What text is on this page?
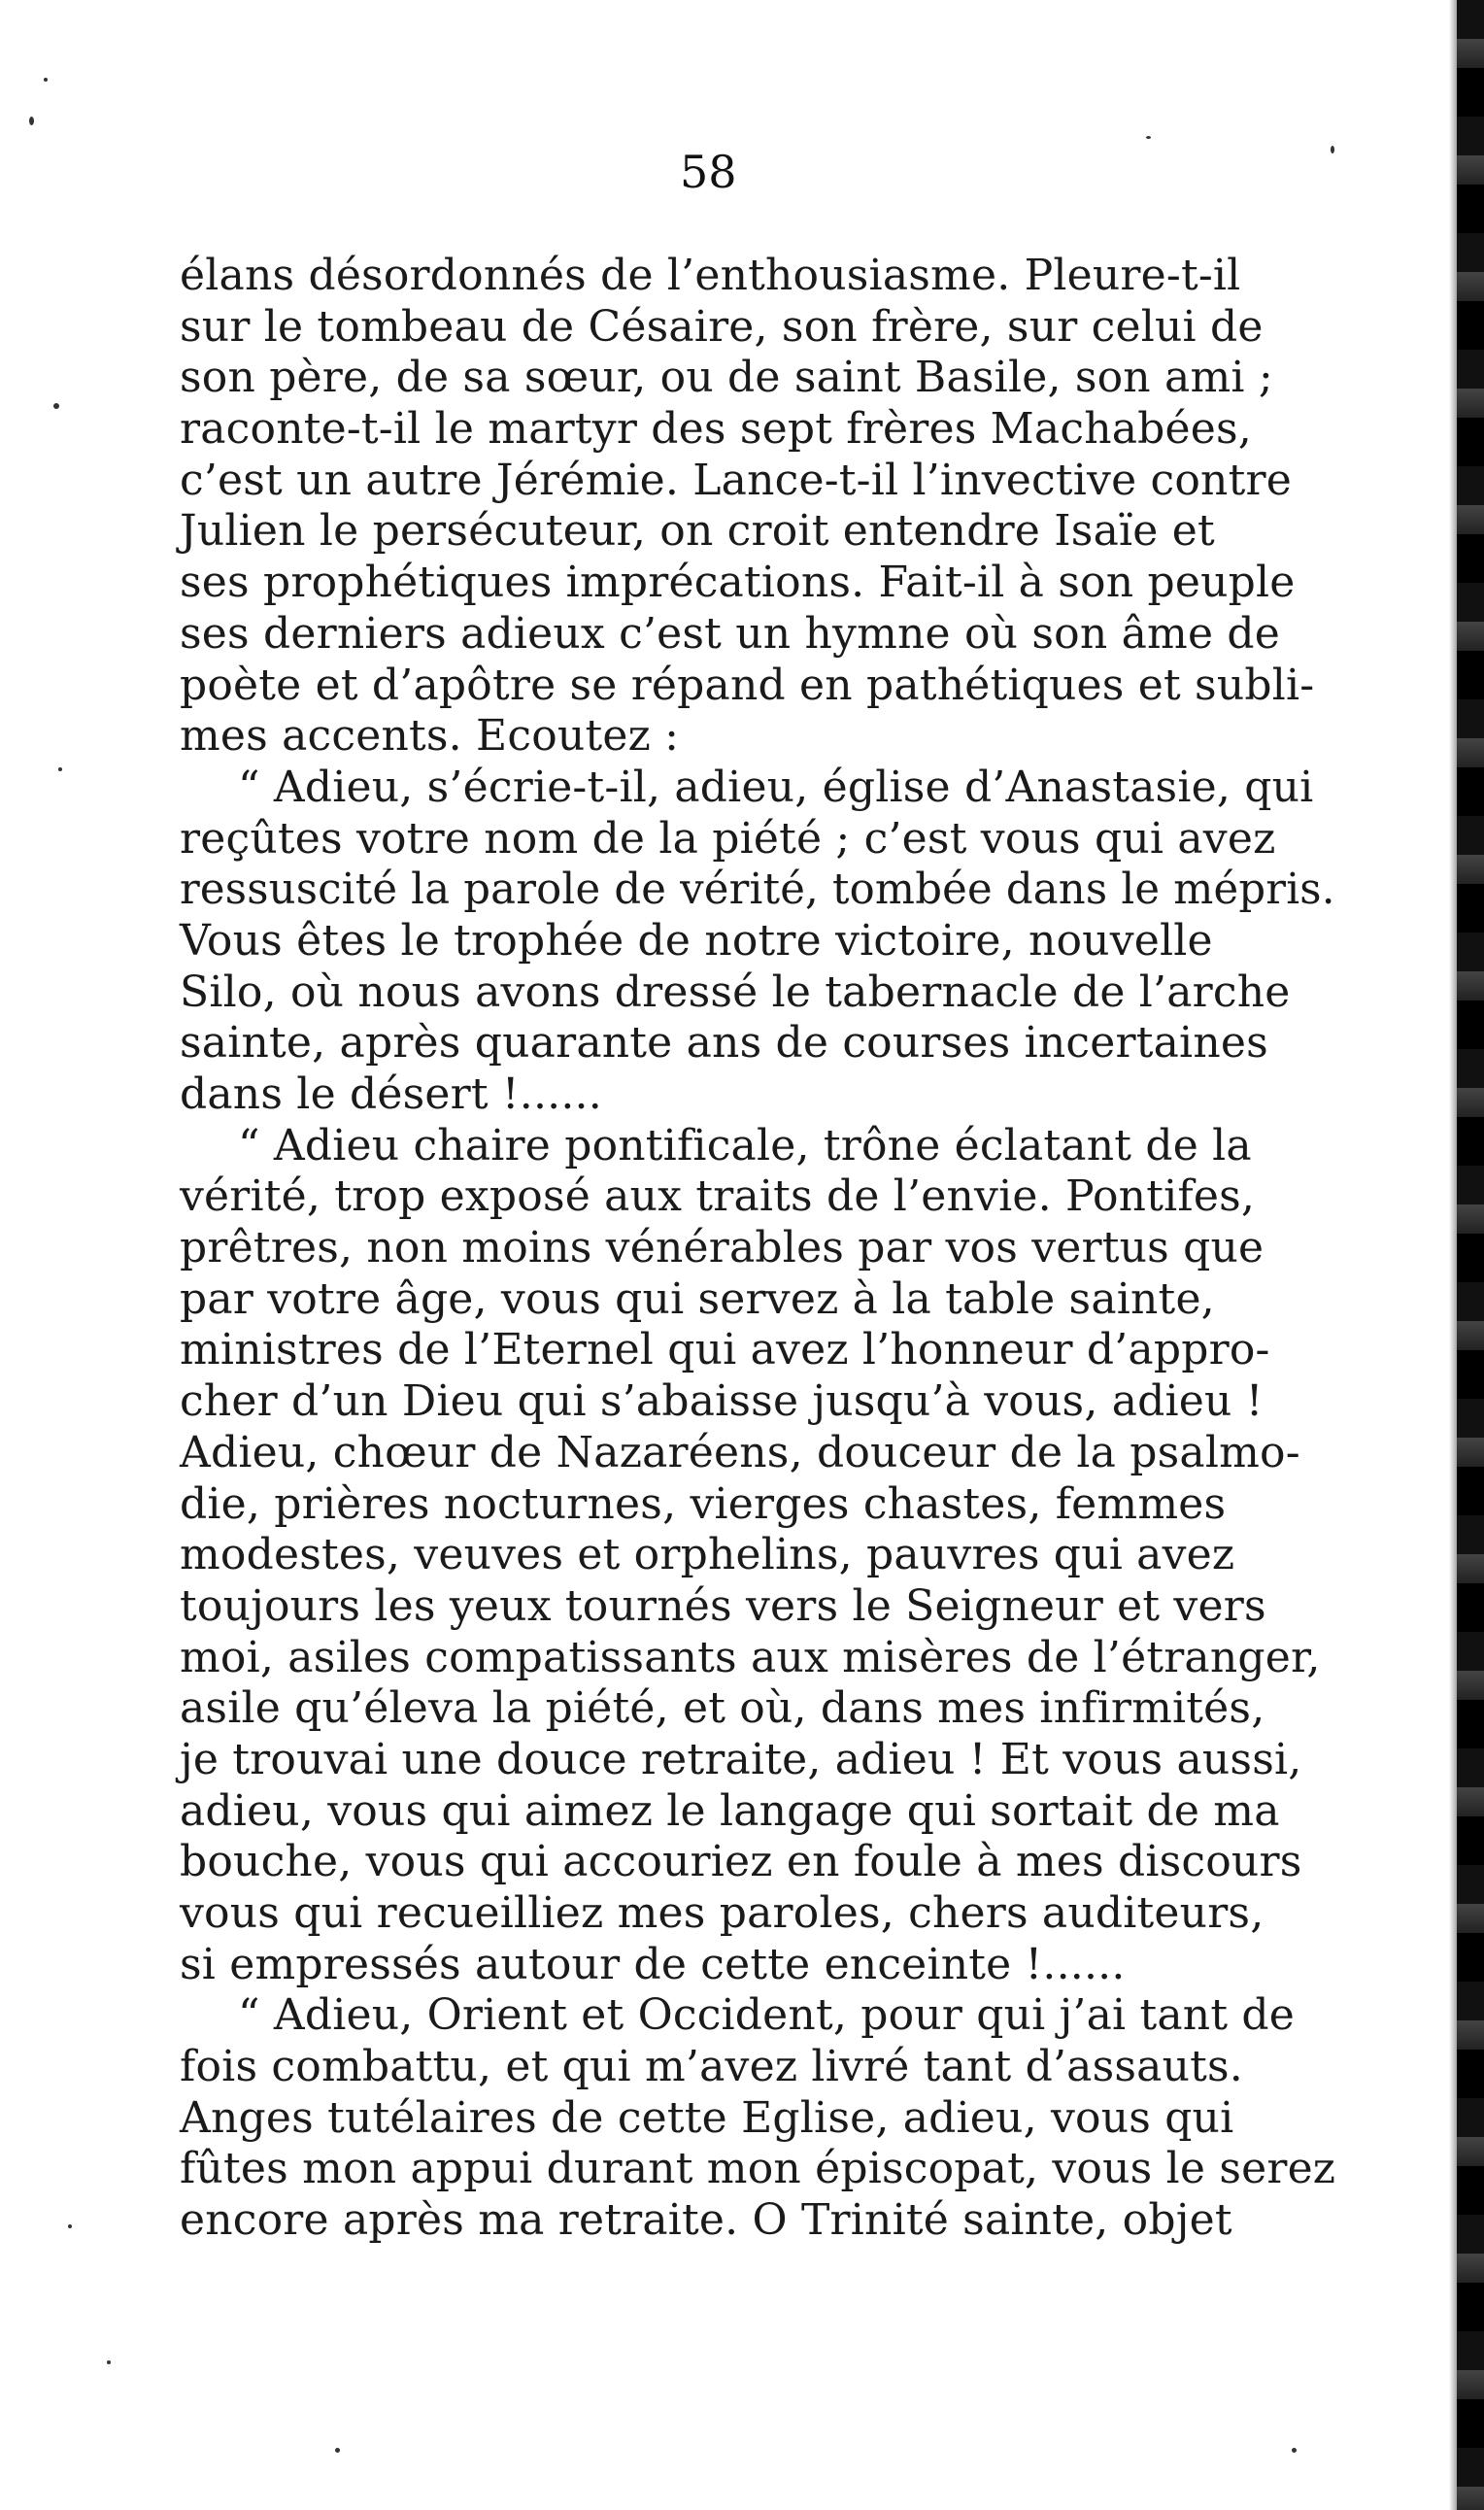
58
élans désordonnés de l’enthousiasme. Pleure-t-il
sur le tombeau de Césaire, son frère, sur celui de
son père, de sa sœur, ou de saint Basile, son ami ;
raconte-t-il le martyr des sept frères Machabées,
c’est un autre Jérémie. Lance-t-il l’invective contre
Julien le persécuteur, on croit entendre Isaïe et
ses prophétiques imprécations. Fait-il à son peuple
ses derniers adieux c’est un hymne où son âme de
poète et d’apôtre se répand en pathétiques et subli-
mes accents. Ecoutez :
“ Adieu, s’écrie-t-il, adieu, église d’Anastasie, qui
reçûtes votre nom de la piété ; c’est vous qui avez
ressuscité la parole de vérité, tombée dans le mépris.
Vous êtes le trophée de notre victoire, nouvelle
Silo, où nous avons dressé le tabernacle de l’arche
sainte, après quarante ans de courses incertaines
dans le désert !......
“ Adieu chaire pontificale, trône éclatant de la
vérité, trop exposé aux traits de l’envie. Pontifes,
prêtres, non moins vénérables par vos vertus que
par votre âge, vous qui servez à la table sainte,
ministres de l’Eternel qui avez l’honneur d’appro-
cher d’un Dieu qui s’abaisse jusqu’à vous, adieu !
Adieu, chœur de Nazaréens, douceur de la psalmo-
die, prières nocturnes, vierges chastes, femmes
modestes, veuves et orphelins, pauvres qui avez
toujours les yeux tournés vers le Seigneur et vers
moi, asiles compatissants aux misères de l’étranger,
asile qu’éleva la piété, et où, dans mes infirmités,
je trouvai une douce retraite, adieu ! Et vous aussi,
adieu, vous qui aimez le langage qui sortait de ma
bouche, vous qui accouriez en foule à mes discours
vous qui recueilliez mes paroles, chers auditeurs,
si empressés autour de cette enceinte !......
“ Adieu, Orient et Occident, pour qui j’ai tant de
fois combattu, et qui m’avez livré tant d’assauts.
Anges tutélaires de cette Eglise, adieu, vous qui
fûtes mon appui durant mon épiscopat, vous le serez
encore après ma retraite. O Trinité sainte, objet
